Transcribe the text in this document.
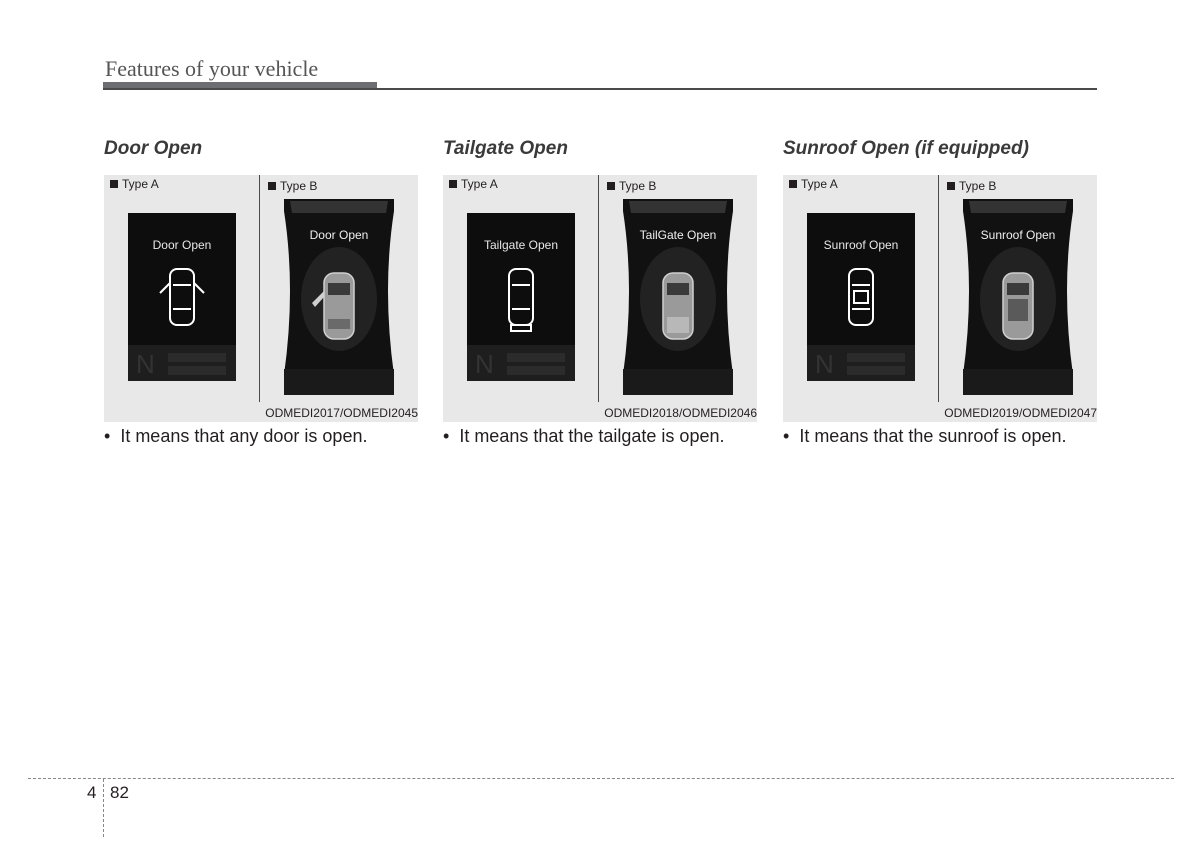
Features of your vehicle
Door Open
Type A	Type B
Door Open
N
Door Open
ODMEDI2017/ODMEDI2045
•  It means that any door is open.
Tailgate Open
Type A	Type B
Tailgate Open
N
TailGate Open
ODMEDI2018/ODMEDI2046
•  It means that the tailgate is open.
Sunroof Open (if equipped)
Type A	Type B
Sunroof Open
N
Sunroof Open
ODMEDI2019/ODMEDI2047
•  It means that the sunroof is open.
4 82
